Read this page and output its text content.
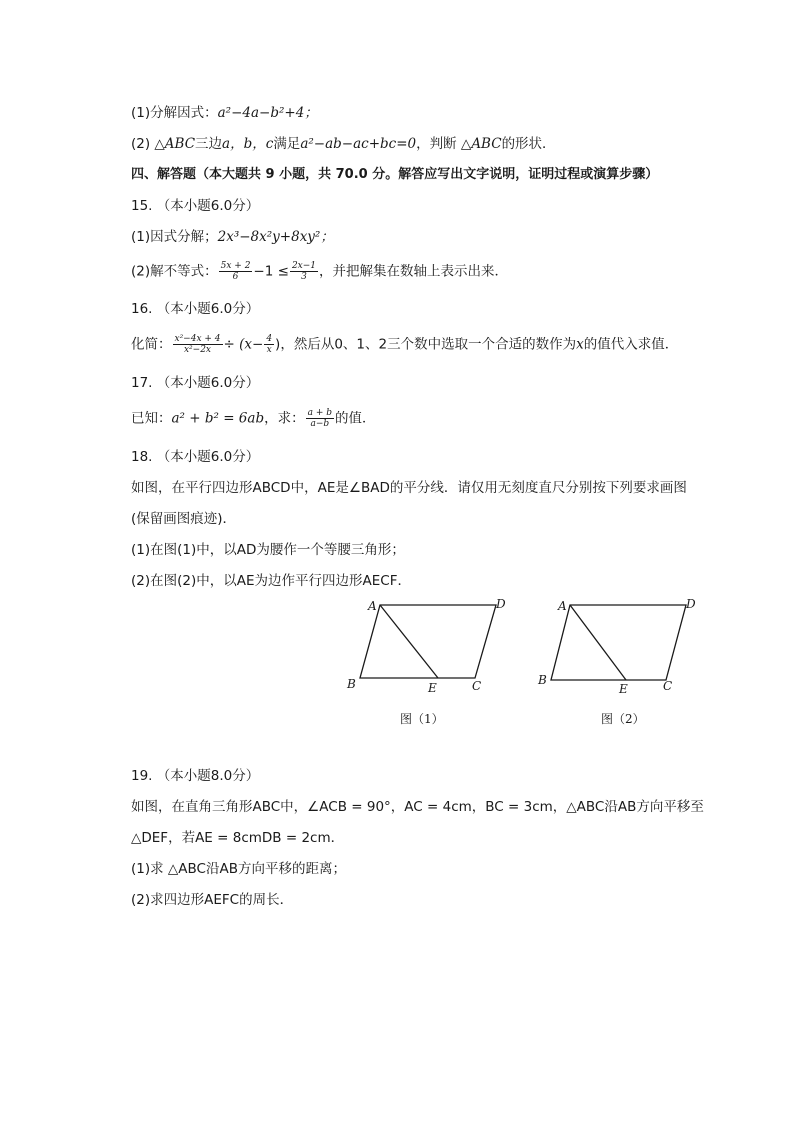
(1)分解因式：a²−4a−b²+4；
(2) △ABC三边a，b，c满足a²−ab−ac+bc=0，判断 △ABC的形状．
四、解答题（本大题共 9 小题，共 70.0 分。解答应写出文字说明，证明过程或演算步骤）
15. （本小题6.0分）
(1)因式分解；2x³−8x²y+8xy²；
(2)解不等式： $\frac{5x + 2}{6} -1 \le \frac{2x-1}{3}$ ，并把解集在数轴上表示出来．
16. （本小题6.0分）
化简： $\frac{\text{x²−4x + 4}}{\text{x²−2x}} \div (x- \frac{4}{x}$ )，然后从0、1、2三个数中选取一个合适的数作为x的值代入求值．
17. （本小题6.0分）
已知：a² + b² = 6ab，求： $\frac{a + b}{a-b}$ 的值．
18. （本小题6.0分）
如图，在平行四边形ABCD中，AE是∠BAD的平分线．请仅用无刻度直尺分别按下列要求画图
(保留画图痕迹)．
(1)在图(1)中，以AD为腰作一个等腰三角形；
(2)在图(2)中，以AE为边作平行四边形AECF．
A	D
B	E	C
图（1）
A	D
B
E	C
图（2）
19. （本小题8.0分）
如图，在直角三角形ABC中，∠ACB = 90°，AC = 4cm，BC = 3cm，△ABC沿AB方向平移至
△DEF，若AE = 8cmDB = 2cm．
(1)求 △ABC沿AB方向平移的距离；
(2)求四边形AEFC的周长．
